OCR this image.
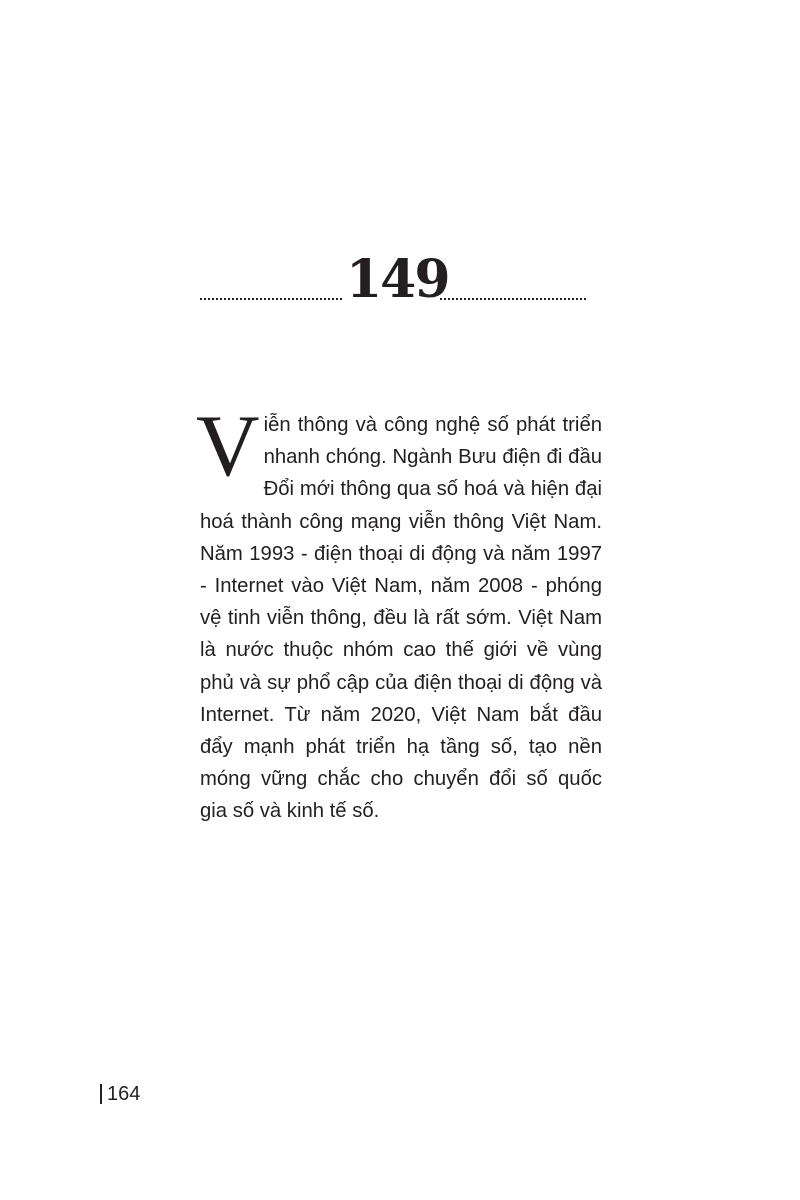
149

Viễn thông và công nghệ số phát triển nhanh chóng. Ngành Bưu điện đi đầu Đổi mới thông qua số hoá và hiện đại hoá thành công mạng viễn thông Việt Nam. Năm 1993 - điện thoại di động và năm 1997 - Internet vào Việt Nam, năm 2008 - phóng vệ tinh viễn thông, đều là rất sớm. Việt Nam là nước thuộc nhóm cao thế giới về vùng phủ và sự phổ cập của điện thoại di động và Internet. Từ năm 2020, Việt Nam bắt đầu đẩy mạnh phát triển hạ tầng số, tạo nền móng vững chắc cho chuyển đổi số quốc gia số và kinh tế số.

164
